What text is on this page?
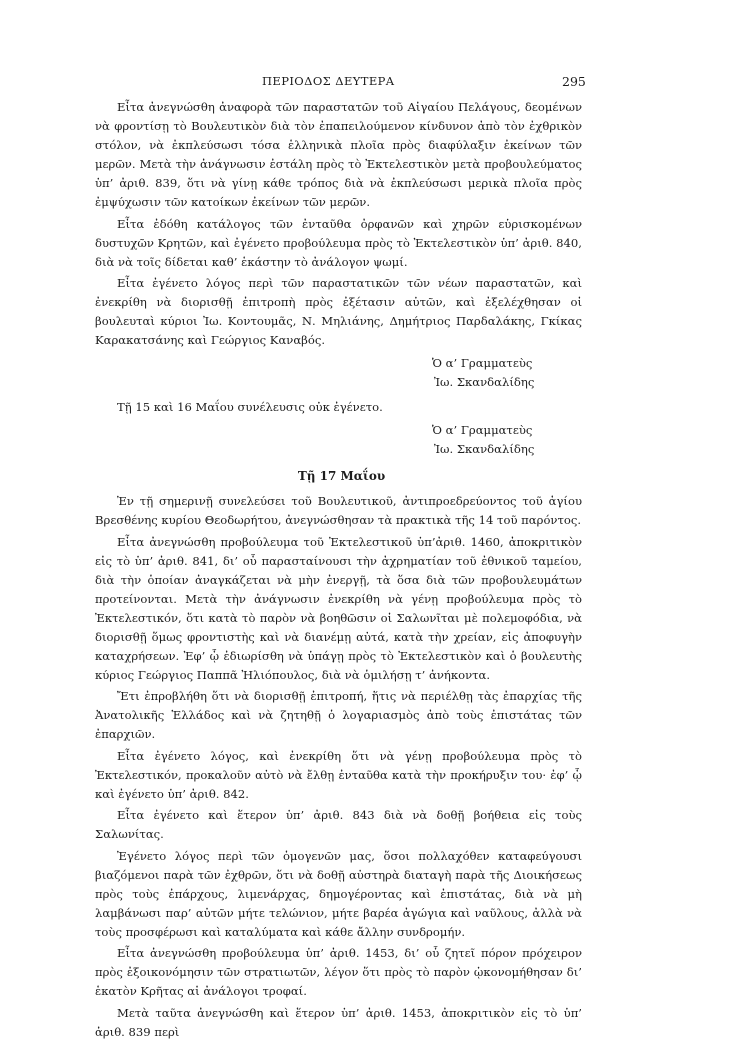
ΠΕΡΙΟΔΟΣ ΔΕΥΤΕΡΑ	295

Εἶτα ἀνεγνώσθη ἀναφορὰ τῶν παραστατῶν τοῦ Αἰγαίου Πελάγους, δεομένων νὰ φροντίσῃ τὸ Βουλευτικὸν διὰ τὸν ἐπαπειλούμενον κίνδυνον ἀπὸ τὸν ἐχθρικὸν στόλον, νὰ ἐκπλεύσωσι τόσα ἑλληνικὰ πλοῖα πρὸς διαφύλαξιν ἐκείνων τῶν μερῶν. Μετὰ τὴν ἀνάγνωσιν ἐστάλη πρὸς τὸ Ἐκτελεστικὸν μετὰ προβουλεύματος ὑπ’ ἀριθ. 839, ὅτι νὰ γίνῃ κάθε τρόπος διὰ νὰ ἐκπλεύσωσι μερικὰ πλοῖα πρὸς ἐμψύχωσιν τῶν κατοίκων ἐκείνων τῶν μερῶν.

Εἶτα ἐδόθη κατάλογος τῶν ἐνταῦθα ὀρφανῶν καὶ χηρῶν εὑρισκομένων δυστυχῶν Κρητῶν, καὶ ἐγένετο προβούλευμα πρὸς τὸ Ἐκτελεστικὸν ὑπ’ ἀριθ. 840, διὰ νὰ τοῖς δίδεται καθ’ ἑκάστην τὸ ἀνάλογον ψωμί.

Εἶτα ἐγένετο λόγος περὶ τῶν παραστατικῶν τῶν νέων παραστατῶν, καὶ ἐνεκρίθη νὰ διορισθῇ ἐπιτροπὴ πρὸς ἐξέτασιν αὐτῶν, καὶ ἐξελέχθησαν οἱ βουλευταὶ κύριοι Ἰω. Κοντουμᾶς, Ν. Μηλιάνης, Δημήτριος Παρδαλάκης, Γκίκας Καρακατσάνης καὶ Γεώργιος Καναβός.

Ὁ α’ Γραμματεὺς
Ἰω. Σκανδαλίδης

Τῇ 15 καὶ 16 Μαΐου συνέλευσις οὐκ ἐγένετο.

Ὁ α’ Γραμματεὺς
Ἰω. Σκανδαλίδης
Τῇ 17 Μαΐου

Ἐν τῇ σημερινῇ συνελεύσει τοῦ Βουλευτικοῦ, ἀντιπροεδρεύοντος τοῦ ἁγίου Βρεσθένης κυρίου Θεοδωρήτου, ἀνεγνώσθησαν τὰ πρακτικὰ τῆς 14 τοῦ παρόντος.

Εἶτα ἀνεγνώσθη προβούλευμα τοῦ Ἐκτελεστικοῦ ὑπ’ἀριθ. 1460, ἀποκριτικὸν εἰς τὸ ὑπ’ ἀριθ. 841, δι’ οὗ παρασταίνουσι τὴν ἀχρηματίαν τοῦ ἐθνικοῦ ταμείου, διὰ τὴν ὁποίαν ἀναγκάζεται νὰ μὴν ἐνεργῇ, τὰ ὅσα διὰ τῶν προβουλευμάτων προτείνονται. Μετὰ τὴν ἀνάγνωσιν ἐνεκρίθη νὰ γένῃ προβούλευμα πρὸς τὸ Ἐκτελεστικόν, ὅτι κατὰ τὸ παρὸν νὰ βοηθῶσιν οἱ Σαλωνῖται μὲ πολεμοφόδια, νὰ διορισθῇ ὅμως φροντιστὴς καὶ νὰ διανέμῃ αὐτά, κατὰ τὴν χρείαν, εἰς ἀποφυγὴν καταχρήσεων. Ἐφ’ ᾧ ἐδιωρίσθη νὰ ὑπάγῃ πρὸς τὸ Ἐκτελεστικὸν καὶ ὁ βουλευτὴς κύριος Γεώργιος Παππᾶ Ἠλιόπουλος, διὰ νὰ ὁμιλήσῃ τ’ ἀνήκοντα.

Ἔτι ἐπροβλήθη ὅτι νὰ διορισθῇ ἐπιτροπή, ἥτις νὰ περιέλθῃ τὰς ἐπαρχίας τῆς Ἀνατολικῆς Ἑλλάδος καὶ νὰ ζητηθῇ ὁ λογαριασμὸς ἀπὸ τοὺς ἐπιστάτας τῶν ἐπαρχιῶν.

Εἶτα ἐγένετο λόγος, καὶ ἐνεκρίθη ὅτι νὰ γένῃ προβούλευμα πρὸς τὸ Ἐκτελεστικόν, προκαλοῦν αὐτὸ νὰ ἔλθῃ ἐνταῦθα κατὰ τὴν προκήρυξιν του· ἐφ’ ᾧ καὶ ἐγένετο ὑπ’ ἀριθ. 842.

Εἶτα ἐγένετο καὶ ἕτερον ὑπ’ ἀριθ. 843 διὰ νὰ δοθῇ βοήθεια εἰς τοὺς Σαλωνίτας.

Ἐγένετο λόγος περὶ τῶν ὁμογενῶν μας, ὅσοι πολλαχόθεν καταφεύγουσι βιαζόμενοι παρὰ τῶν ἐχθρῶν, ὅτι νὰ δοθῇ αὐστηρὰ διαταγὴ παρὰ τῆς Διοικήσεως πρὸς τοὺς ἐπάρχους, λιμενάρχας, δημογέροντας καὶ ἐπιστάτας, διὰ νὰ μὴ λαμβάνωσι παρ’ αὐτῶν μήτε τελώνιον, μήτε βαρέα ἀγώγια καὶ ναῦλους, ἀλλὰ νὰ τοὺς προσφέρωσι καὶ καταλύματα καὶ κάθε ἄλλην συνδρομήν.

Εἶτα ἀνεγνώσθη προβούλευμα ὑπ’ ἀριθ. 1453, δι’ οὗ ζητεῖ πόρον πρόχειρον πρὸς ἐξοικονόμησιν τῶν στρατιωτῶν, λέγον ὅτι πρὸς τὸ παρὸν ᾠκονομήθησαν δι’ ἑκατὸν Κρῆτας αἱ ἀνάλογοι τροφαί.

Μετὰ ταῦτα ἀνεγνώσθη καὶ ἕτερον ὑπ’ ἀριθ. 1453, ἀποκριτικὸν εἰς τὸ ὑπ’ ἀριθ. 839 περὶ
